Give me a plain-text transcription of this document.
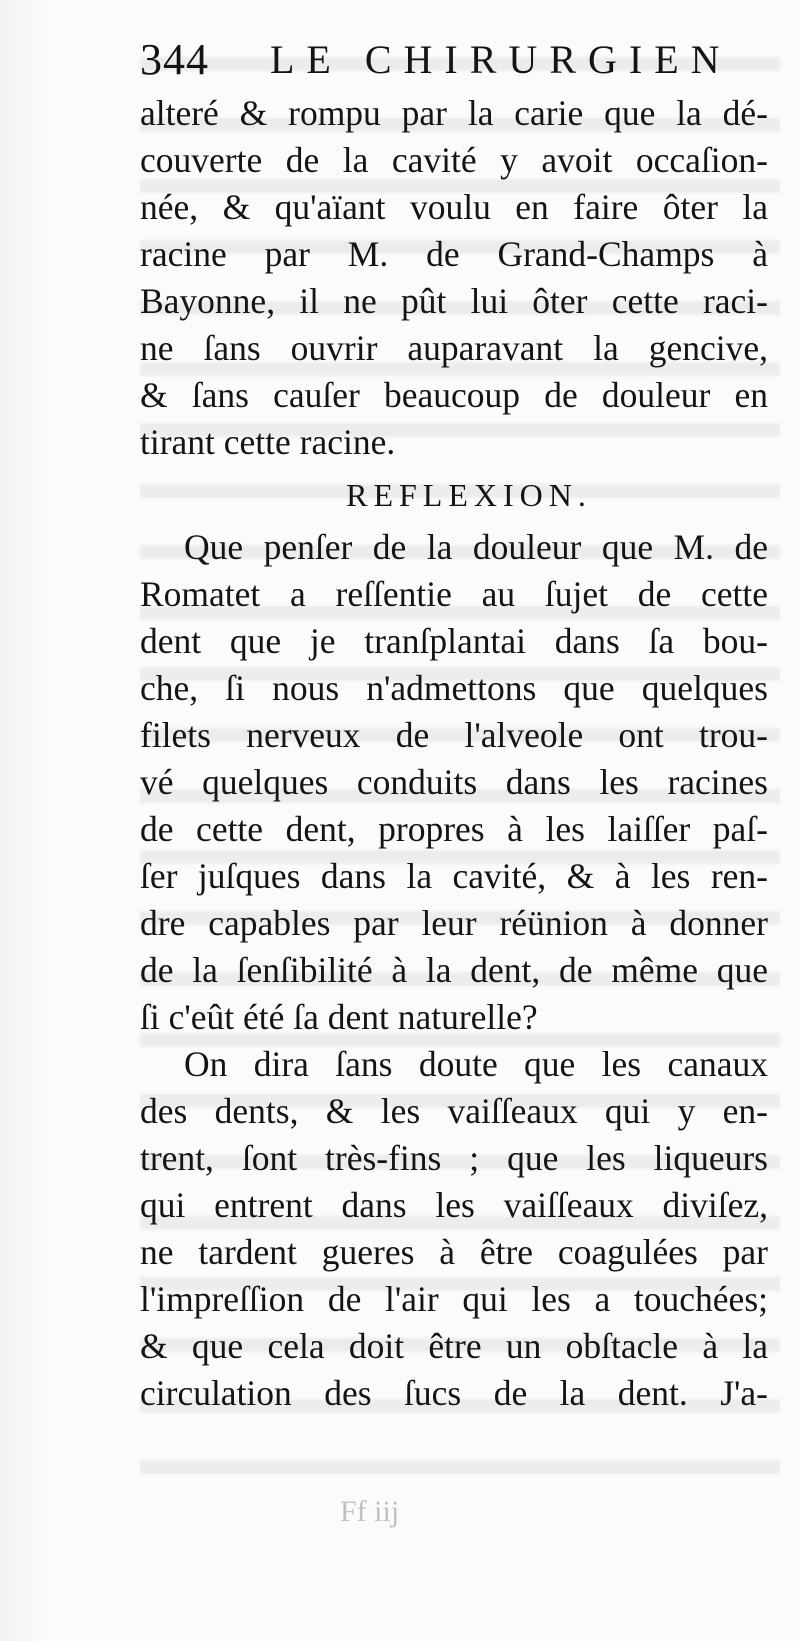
344 LE CHIRURGIEN
alteré & rompu par la carie que la dé-
couverte de la cavité y avoit occaſion-
née, & qu'aïant voulu en faire ôter la
racine par M. de Grand-Champs à
Bayonne, il ne pût lui ôter cette raci-
ne ſans ouvrir auparavant la gencive,
& ſans cauſer beaucoup de douleur en
tirant cette racine.
REFLEXION.
Que penſer de la douleur que M. de
Romatet a reſſentie au ſujet de cette
dent que je tranſplantai dans ſa bou-
che, ſi nous n'admettons que quelques
filets nerveux de l'alveole ont trou-
vé quelques conduits dans les racines
de cette dent, propres à les laiſſer paſ-
ſer juſques dans la cavité, & à les ren-
dre capables par leur réünion à donner
de la ſenſibilité à la dent, de même que
ſi c'eût été ſa dent naturelle?
On dira ſans doute que les canaux
des dents, & les vaiſſeaux qui y en-
trent, ſont très-fins ; que les liqueurs
qui entrent dans les vaiſſeaux diviſez,
ne tardent gueres à être coagulées par
l'impreſſion de l'air qui les a touchées;
& que cela doit être un obſtacle à la
circulation des ſucs de la dent. J'a-
Ff iij
